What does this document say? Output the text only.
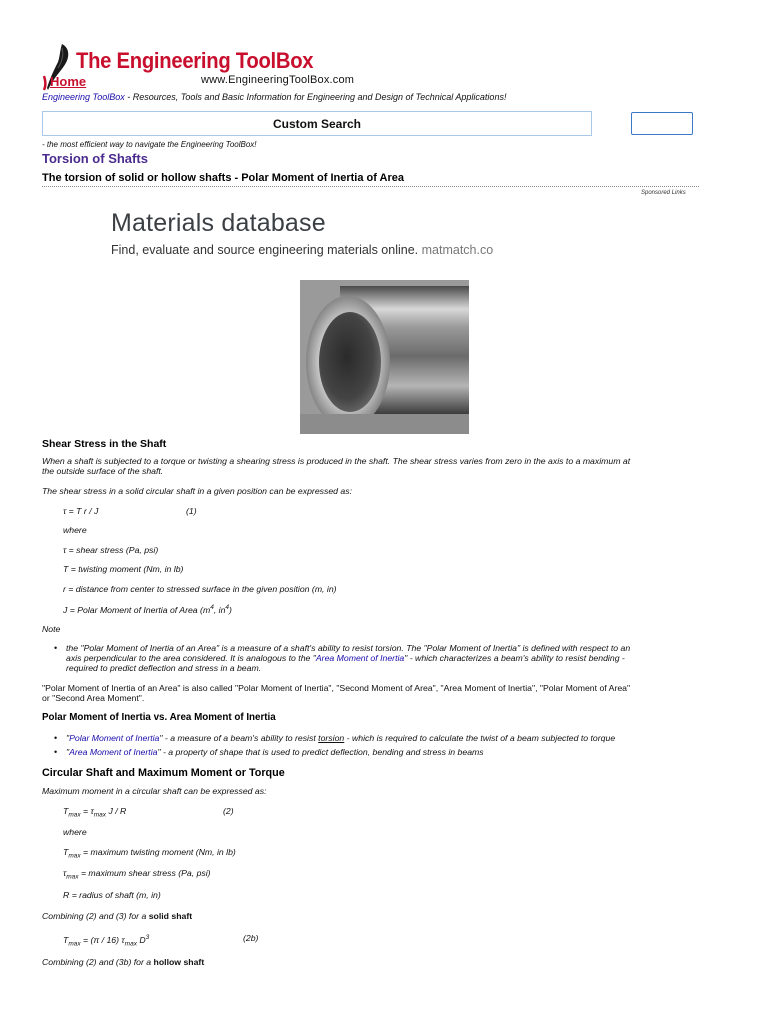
The Engineering ToolBox
Home	www.EngineeringToolBox.com
Engineering ToolBox - Resources, Tools and Basic Information for Engineering and Design of Technical Applications!
Custom Search
- the most efficient way to navigate the Engineering ToolBox!
Torsion of Shafts
The torsion of solid or hollow shafts - Polar Moment of Inertia of Area
Sponsored Links
Materials database
Find, evaluate and source engineering materials online. matmatch.co
Shear Stress in the Shaft
When a shaft is subjected to a torque or twisting a shearing stress is produced in the shaft. The shear stress varies from zero in the axis to a maximum at
the outside surface of the shaft.
The shear stress in a solid circular shaft in a given position can be expressed as:
τ = T r / J	(1)
where
τ = shear stress (Pa, psi)
T = twisting moment (Nm, in lb)
r = distance from center to stressed surface in the given position (m, in)
J = Polar Moment of Inertia of Area ($m^4$, $in^4$)
Note
• the "Polar Moment of Inertia of an Area" is a measure of a shaft's ability to resist torsion. The "Polar Moment of Inertia" is defined with respect to an
axis perpendicular to the area considered. It is analogous to the "Area Moment of Inertia" - which characterizes a beam's ability to resist bending -
required to predict deflection and stress in a beam.
"Polar Moment of Inertia of an Area" is also called "Polar Moment of Inertia", "Second Moment of Area", "Area Moment of Inertia", "Polar Moment of Area"
or "Second Area Moment".
Polar Moment of Inertia vs. Area Moment of Inertia
• "Polar Moment of Inertia" - a measure of a beam's ability to resist torsion - which is required to calculate the twist of a beam subjected to torque
• "Area Moment of Inertia" - a property of shape that is used to predict deflection, bending and stress in beams
Circular Shaft and Maximum Moment or Torque
Maximum moment in a circular shaft can be expressed as:
$T_{max} = \tau_{max}$ J / R	(2)
where
$T_{max}$ = maximum twisting moment (Nm, in lb)
$\tau_{max}$ = maximum shear stress (Pa, psi)
R = radius of shaft (m, in)
Combining (2) and (3) for a solid shaft
$T_{max} = (\pi / 16)$ $\tau_{max}$ $D^3$	(2b)
Combining (2) and (3b) for a hollow shaft
